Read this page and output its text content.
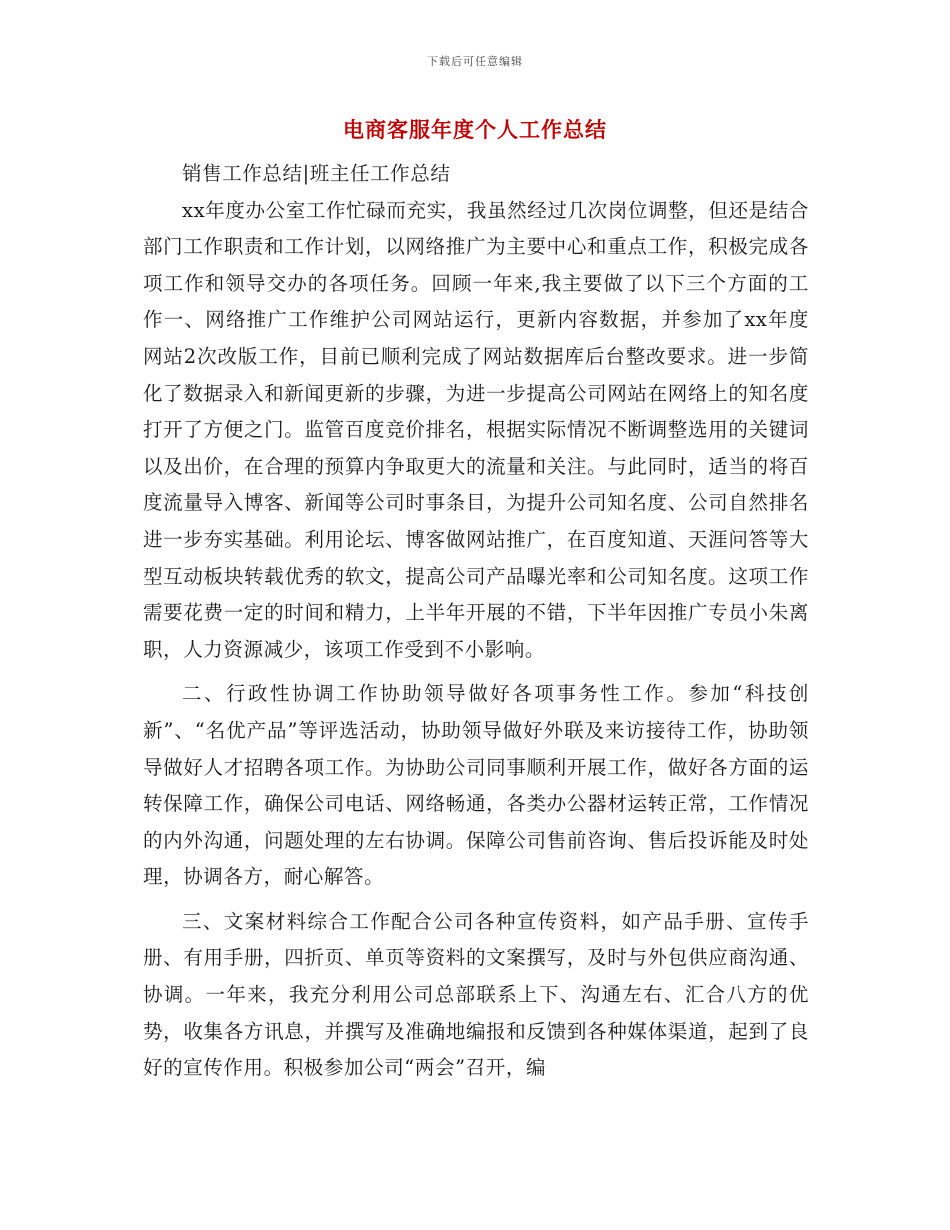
下载后可任意编辑
电商客服年度个人工作总结

销售工作总结|班主任工作总结

xx年度办公室工作忙碌而充实，我虽然经过几次岗位调整，但还是结合部门工作职责和工作计划，以网络推广为主要中心和重点工作，积极完成各项工作和领导交办的各项任务。回顾一年来,我主要做了以下三个方面的工作一、网络推广工作维护公司网站运行，更新内容数据，并参加了xx年度网站2次改版工作，目前已顺利完成了网站数据库后台整改要求。进一步简化了数据录入和新闻更新的步骤，为进一步提高公司网站在网络上的知名度打开了方便之门。监管百度竞价排名，根据实际情况不断调整选用的关键词以及出价，在合理的预算内争取更大的流量和关注。与此同时，适当的将百度流量导入博客、新闻等公司时事条目，为提升公司知名度、公司自然排名进一步夯实基础。利用论坛、博客做网站推广，在百度知道、天涯问答等大型互动板块转载优秀的软文，提高公司产品曝光率和公司知名度。这项工作需要花费一定的时间和精力，上半年开展的不错，下半年因推广专员小朱离职，人力资源减少，该项工作受到不小影响。

二、行政性协调工作协助领导做好各项事务性工作。参加“科技创新”、“名优产品”等评选活动，协助领导做好外联及来访接待工作，协助领导做好人才招聘各项工作。为协助公司同事顺利开展工作，做好各方面的运转保障工作，确保公司电话、网络畅通，各类办公器材运转正常，工作情况的内外沟通，问题处理的左右协调。保障公司售前咨询、售后投诉能及时处理，协调各方，耐心解答。

三、文案材料综合工作配合公司各种宣传资料，如产品手册、宣传手册、有用手册，四折页、单页等资料的文案撰写，及时与外包供应商沟通、协调。一年来，我充分利用公司总部联系上下、沟通左右、汇合八方的优势，收集各方讯息，并撰写及准确地编报和反馈到各种媒体渠道，起到了良好的宣传作用。积极参加公司“两会”召开，编
